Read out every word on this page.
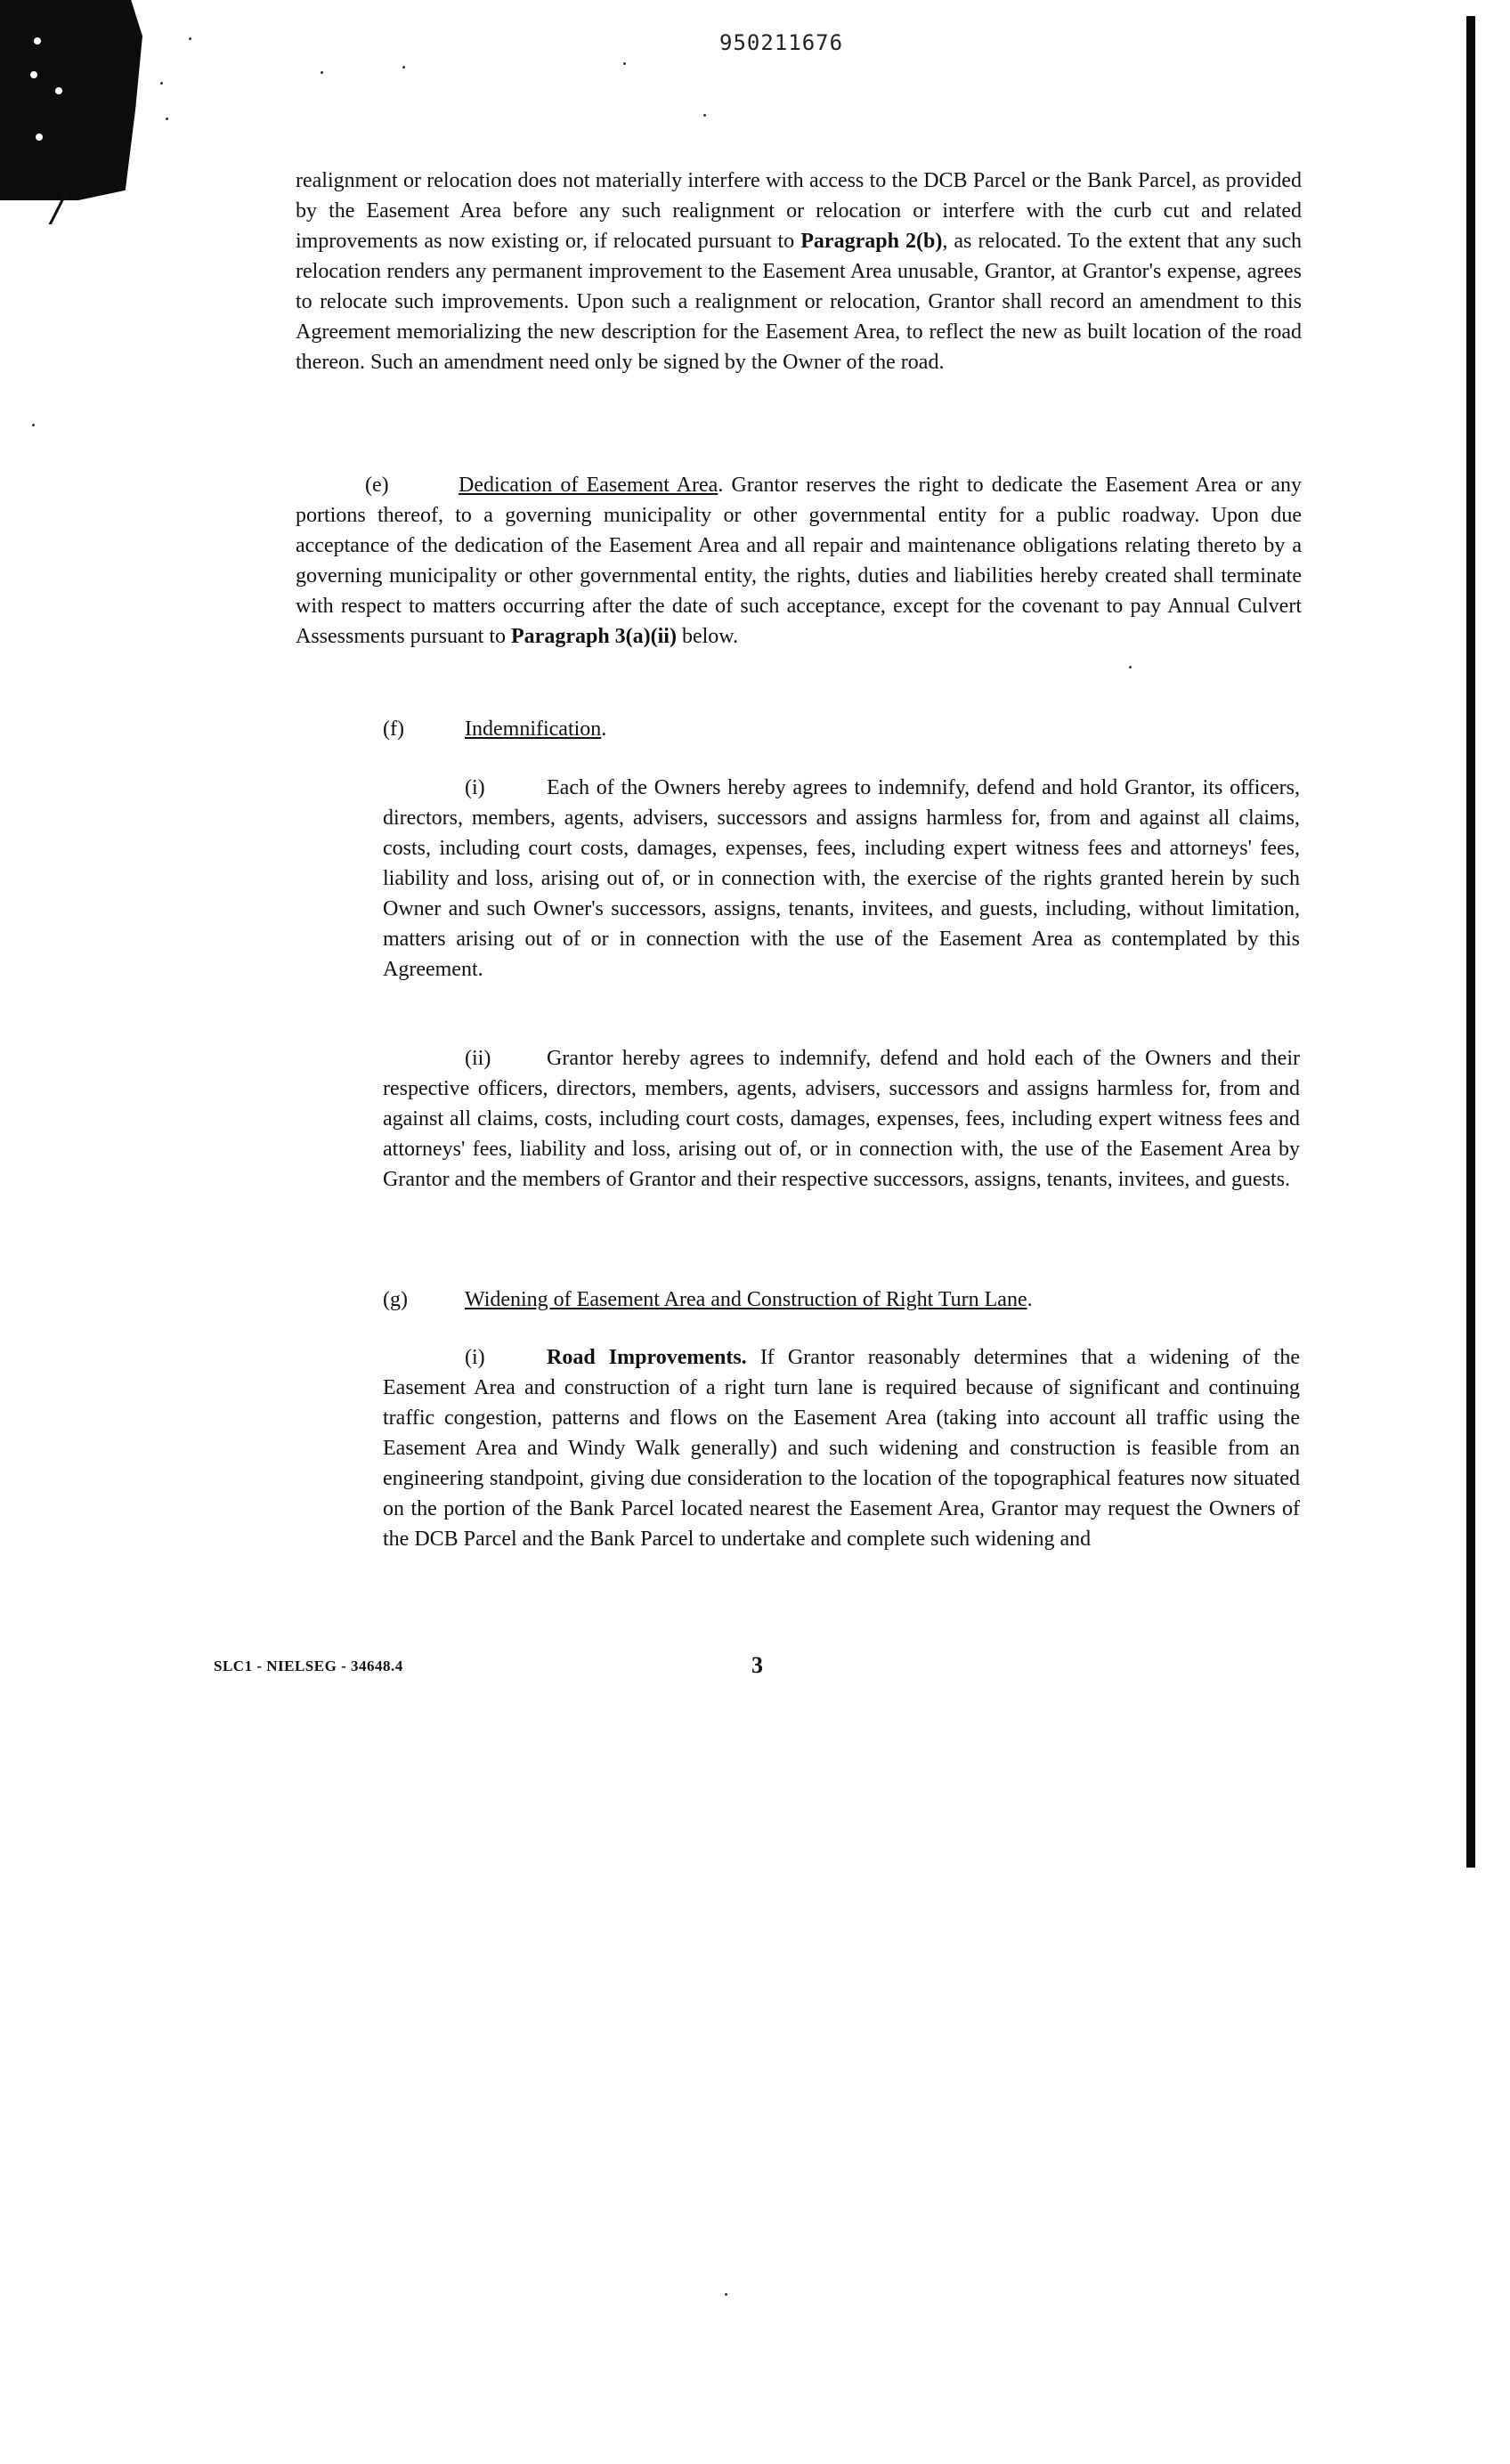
/
950211676
realignment or relocation does not materially interfere with access to the DCB Parcel or the Bank Parcel, as provided by the Easement Area before any such realignment or relocation or interfere with the curb cut and related improvements as now existing or, if relocated pursuant to Paragraph 2(b), as relocated. To the extent that any such relocation renders any permanent improvement to the Easement Area unusable, Grantor, at Grantor's expense, agrees to relocate such improvements. Upon such a realignment or relocation, Grantor shall record an amendment to this Agreement memorializing the new description for the Easement Area, to reflect the new as built location of the road thereon. Such an amendment need only be signed by the Owner of the road.
(e)	Dedication of Easement Area. Grantor reserves the right to dedicate the Easement Area or any portions thereof, to a governing municipality or other governmental entity for a public roadway. Upon due acceptance of the dedication of the Easement Area and all repair and maintenance obligations relating thereto by a governing municipality or other governmental entity, the rights, duties and liabilities hereby created shall terminate with respect to matters occurring after the date of such acceptance, except for the covenant to pay Annual Culvert Assessments pursuant to Paragraph 3(a)(ii) below.
(f)	Indemnification.
(i)	Each of the Owners hereby agrees to indemnify, defend and hold Grantor, its officers, directors, members, agents, advisers, successors and assigns harmless for, from and against all claims, costs, including court costs, damages, expenses, fees, including expert witness fees and attorneys' fees, liability and loss, arising out of, or in connection with, the exercise of the rights granted herein by such Owner and such Owner's successors, assigns, tenants, invitees, and guests, including, without limitation, matters arising out of or in connection with the use of the Easement Area as contemplated by this Agreement.
(ii)	Grantor hereby agrees to indemnify, defend and hold each of the Owners and their respective officers, directors, members, agents, advisers, successors and assigns harmless for, from and against all claims, costs, including court costs, damages, expenses, fees, including expert witness fees and attorneys' fees, liability and loss, arising out of, or in connection with, the use of the Easement Area by Grantor and the members of Grantor and their respective successors, assigns, tenants, invitees, and guests.
(g)	Widening of Easement Area and Construction of Right Turn Lane.
(i)	Road Improvements. If Grantor reasonably determines that a widening of the Easement Area and construction of a right turn lane is required because of significant and continuing traffic congestion, patterns and flows on the Easement Area (taking into account all traffic using the Easement Area and Windy Walk generally) and such widening and construction is feasible from an engineering standpoint, giving due consideration to the location of the topographical features now situated on the portion of the Bank Parcel located nearest the Easement Area, Grantor may request the Owners of the DCB Parcel and the Bank Parcel to undertake and complete such widening and
SLC1 - NIELSEG - 34648.4	3
